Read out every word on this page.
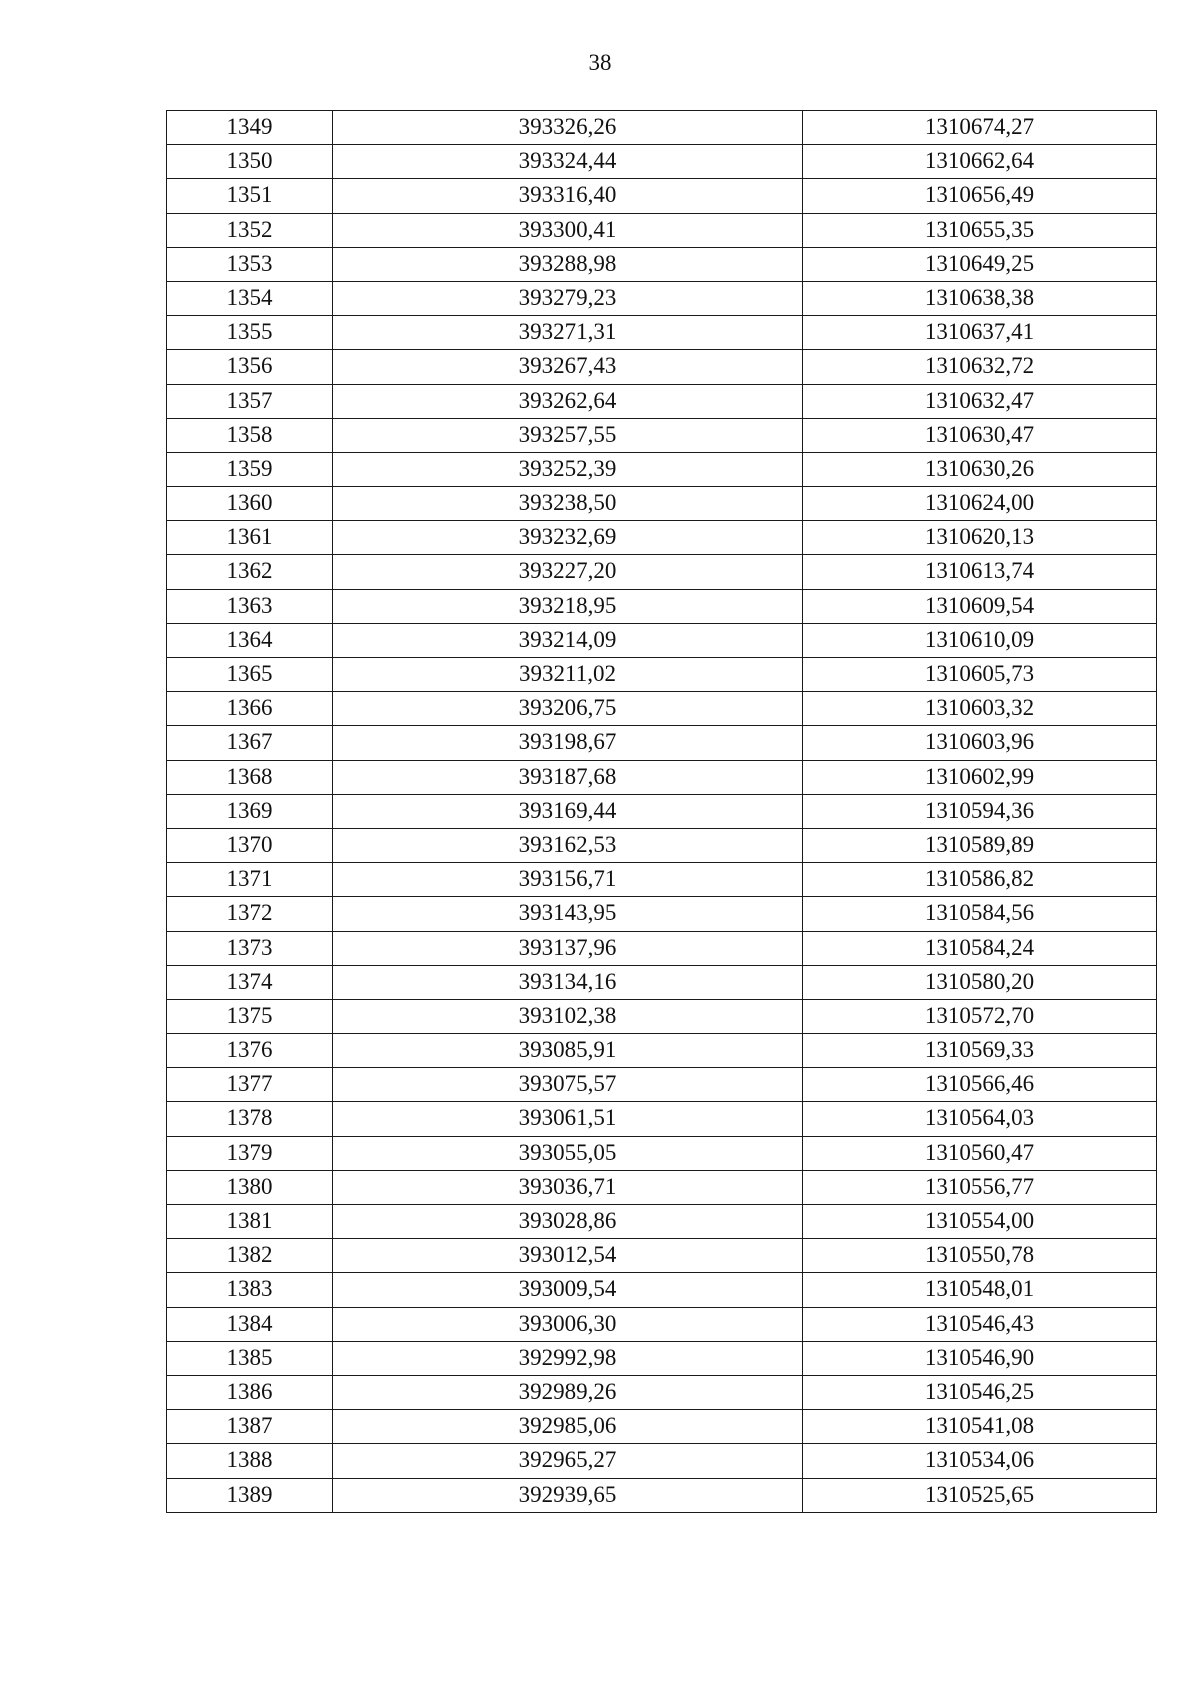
38
1349	393326,26	1310674,27
1350	393324,44	1310662,64
1351	393316,40	1310656,49
1352	393300,41	1310655,35
1353	393288,98	1310649,25
1354	393279,23	1310638,38
1355	393271,31	1310637,41
1356	393267,43	1310632,72
1357	393262,64	1310632,47
1358	393257,55	1310630,47
1359	393252,39	1310630,26
1360	393238,50	1310624,00
1361	393232,69	1310620,13
1362	393227,20	1310613,74
1363	393218,95	1310609,54
1364	393214,09	1310610,09
1365	393211,02	1310605,73
1366	393206,75	1310603,32
1367	393198,67	1310603,96
1368	393187,68	1310602,99
1369	393169,44	1310594,36
1370	393162,53	1310589,89
1371	393156,71	1310586,82
1372	393143,95	1310584,56
1373	393137,96	1310584,24
1374	393134,16	1310580,20
1375	393102,38	1310572,70
1376	393085,91	1310569,33
1377	393075,57	1310566,46
1378	393061,51	1310564,03
1379	393055,05	1310560,47
1380	393036,71	1310556,77
1381	393028,86	1310554,00
1382	393012,54	1310550,78
1383	393009,54	1310548,01
1384	393006,30	1310546,43
1385	392992,98	1310546,90
1386	392989,26	1310546,25
1387	392985,06	1310541,08
1388	392965,27	1310534,06
1389	392939,65	1310525,65
